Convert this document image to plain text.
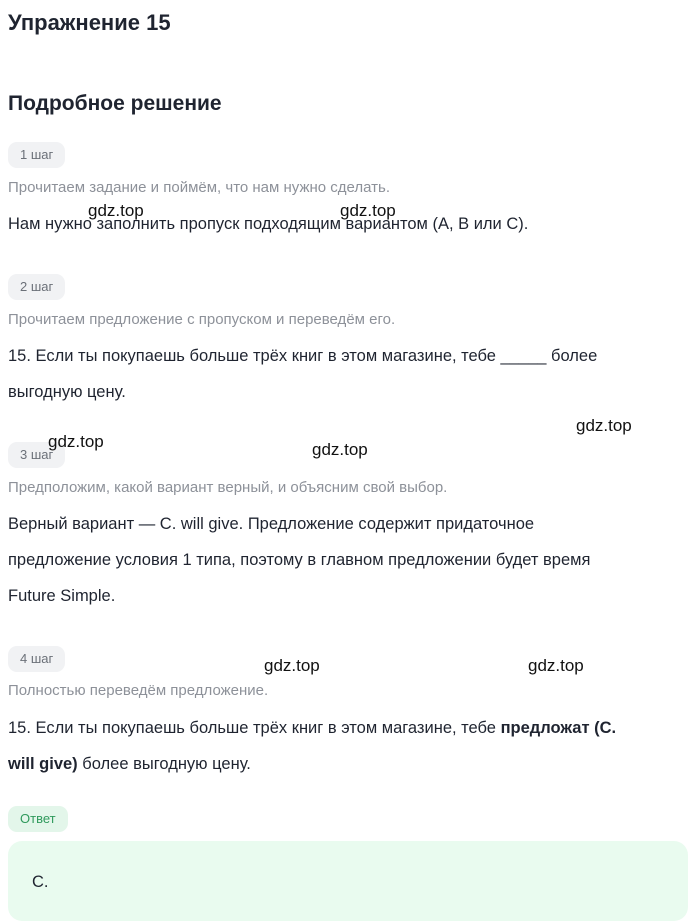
Упражнение 15
Подробное решение
1 шаг
Прочитаем задание и поймём, что нам нужно сделать.
Нам нужно заполнить пропуск подходящим вариантом (A, B или C).
2 шаг
Прочитаем предложение с пропуском и переведём его.
15. Если ты покупаешь больше трёх книг в этом магазине, тебе _____ более
выгодную цену.
3 шаг
Предположим, какой вариант верный, и объясним свой выбор.
Верный вариант — C. will give. Предложение содержит придаточное
предложение условия 1 типа, поэтому в главном предложении будет время
Future Simple.
4 шаг
Полностью переведём предложение.
15. Если ты покупаешь больше трёх книг в этом магазине, тебе предложат (C.
will give) более выгодную цену.
Ответ
C.
gdz.top	gdz.top
gdz.top
gdz.top	gdz.top
gdz.top	gdz.top
